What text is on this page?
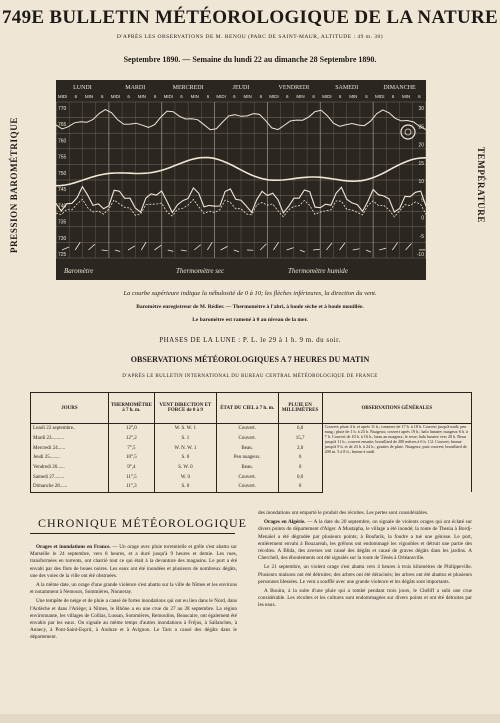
749E BULLETIN MÉTÉOROLOGIQUE DE LA NATURE
D'APRÈS LES OBSERVATIONS DE M. RENOU (PARC DE SAINT-MAUR, ALTITUDE : 49 m. 30)
Septembre 1890. — Semaine du lundi 22 au dimanche 28 Septembre 1890.
PRESSION BAROMÉTRIQUE	TEMPÉRATURE
LUNDI	MARDI	MERCREDI	JEUDI	VENDREDI	SAMEDI	DIMANCHE
MIDI 6 MIN 6 MIDI 6 MIN 6 MIDI 6 MIN 6 MIDI 6 MIN 6 MIDI 6 MIN 6 MIDI 6 MIN 6 MIDI 6 MIN 6
770
765
760
755
750
745
740
735
730
725
30
25
20
15
10
5
0
-5
-10
Baromètre	Thermomètre sec	Thermomètre humide
La courbe supérieure indique la nébulosité de 0 à 10; les flèches inférieures, la direction du vent.
Baromètre enregistreur de M. Rédier. — Thermomètre à l'abri, à boule sèche et à boule mouillée.
Le baromètre est ramené à 0 au niveau de la mer.
PHASES DE LA LUNE : P. L. le 29 à 1 h. 9 m. du soir.
OBSERVATIONS MÉTÉOROLOGIQUES A 7 HEURES DU MATIN
D'APRÈS LE BULLETIN INTERNATIONAL DU BUREAU CENTRAL MÉTÉOROLOGIQUE DE FRANCE
JOURS	THERMOMÈTRE à 7 h. m.	VENT DIRECTION ET FORCE de 0 à 9	ÉTAT DU CIEL à 7 h. m.	PLUIE EN MILLIMÈTRES	OBSERVATIONS GÉNÉRALES
Lundi 22 septembre..	12°,0	W. S. W. 1	Couvert.	6,0	Couvert; pluie 4 h. et après 11 h.; tonnerre de 17 h. à 18 h. Couvert jusqu'à midi; peu nuag.; pluie de 1 h. à 23 h. Nuageux; couvert après 19 h.; halo lunaire; nuageux 6 h. à 7 h. Couvert de 10 h. à 16 h.; beau au nuageux; le reste; halo lunaire vers 20 h. Beau jusqu'à 11 h.; couvert ensuite; brouillard de 200 mètres à 6 h. 1/2. Couvert; brume jusqu'à 9 h. et de 23 h. à 24 h.; gouttes de pluie. Nuageux; puis couvert; brouillard de 200 m. 5 à 8 h.; bruine à midi.
Mardi 23..........	12°,2	S. 1	Couvert.	15,7	
Mercredi 24......	7°,5	W. N. W. 1	Beau.	2,0	
Jeudi 25........	10°,5	S. 0	Peu nuageux.	0	
Vendredi 26......	9°,4	S. W. 0	Beau.	0	
Samedi 27........	11°,5	W. 0	Couvert.	0,0	
Dimanche 28......	11°,3	S. 0	Couvert.	0	
CHRONIQUE MÉTÉOROLOGIQUE

Orages et inondations en France. — Un orage avec pluie torrentielle et grêle s'est abattu sur Marseille le 24 septembre, vers 8 heures, et a duré jusqu'à 9 heures et demie. Les rues, transformées en torrents, ont charrié tout ce qui était à la devanture des magasins. Le port a été envahi par des flots de boues noires. Les eaux ont été inondées et plusieurs de nombreux dégâts, une des voies de la ville ont été obstruées.

A la même date, un orage d'une grande violence s'est abattu sur la ville de Nîmes et les environs et notamment à Nemours, Sommières, Nonneray.

Une tempête de neige et de pluie a causé de fortes inondations qui ont eu lieu dans le Nord, dans l'Ardèche et dans l'Ariège; à Nîmes, le Rhône a eu une crue du 27 au 28 septembre. La région environnante, les villages de Collias, Lussan, Sommières, Remoulins, Beaucaire, ont également été envahis par les eaux. On signale au même temps d'autres inondations à Fréjus, à Sallanches, à Annecy, à Pont-Saint-Esprit, à Anduze et à Avignon. Le Tarn a causé des dégâts dans le département.

des inondations ont emporté le produit des récoltes. Les pertes sont considérables.

Orages en Algérie. — A la date du 20 septembre, on signale de violents orages qui ont éclaté sur divers points du département d'Alger. A Mustapha, le village a été inondé; la route de Thenia à Bordj-Menaïel a été dégradée par plusieurs points; à Boufarik, la foudre a tué une génisse. Le port, entièrement envahi à Bouzareah, les grêlons ont endommagé les vignobles et détruit une partie des récoltes. A Blida, des averses ont causé des dégâts et causé de graves dégâts dans les jardins. A Cherchell, des éboulements ont été signalés sur la route de Ténès à Orléansville.

Le 21 septembre, un violent orage s'est abattu vers 4 heures à trois kilomètres de Philippeville. Plusieurs maisons ont été détruites; des arbres ont été déracinés; les arbres ont été abattus et plusieurs personnes blessées. Le vent a soufflé avec une grande violence et les dégâts sont importants.

A Bouira, à la suite d'une pluie qui a tombé pendant trois jours, le Chéliff a subi une crue considérable. Les récoltes et les cultures sont endommagées sur divers points et ont été détruites par les eaux.
